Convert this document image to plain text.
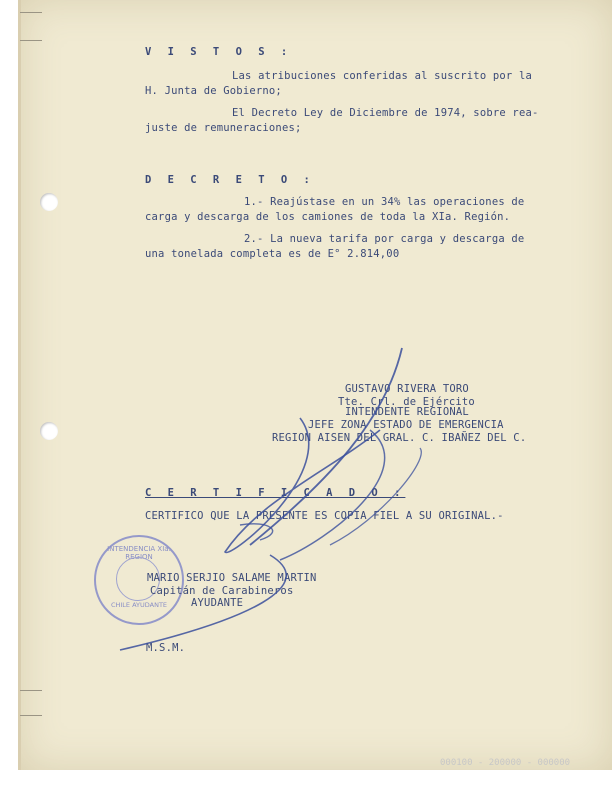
V I S T O S :
Las atribuciones conferidas al suscrito por la
H. Junta de Gobierno;
El Decreto Ley de Diciembre de 1974, sobre rea-
juste de remuneraciones;
D E C R E T O :
1.- Reajústase en un 34% las operaciones de
carga y descarga de los camiones de toda la XIa. Región.
2.- La nueva tarifa por carga y descarga de
una tonelada completa es de E° 2.814,00
GUSTAVO RIVERA TORO
Tte. Crl. de Ejército
INTENDENTE REGIONAL
JEFE ZONA ESTADO DE EMERGENCIA
REGION AISEN DEL GRAL. C. IBAÑEZ DEL C.
C E R T I F I C A D O :
CERTIFICO QUE LA PRESENTE ES COPIA FIEL A SU ORIGINAL.-
INTENDENCIA XIa. REGION
CHILE AYUDANTE
MARIO SERJIO SALAME MARTIN
Capitán de Carabineros
AYUDANTE
M.S.M.
000100 - 200000 - 000000
